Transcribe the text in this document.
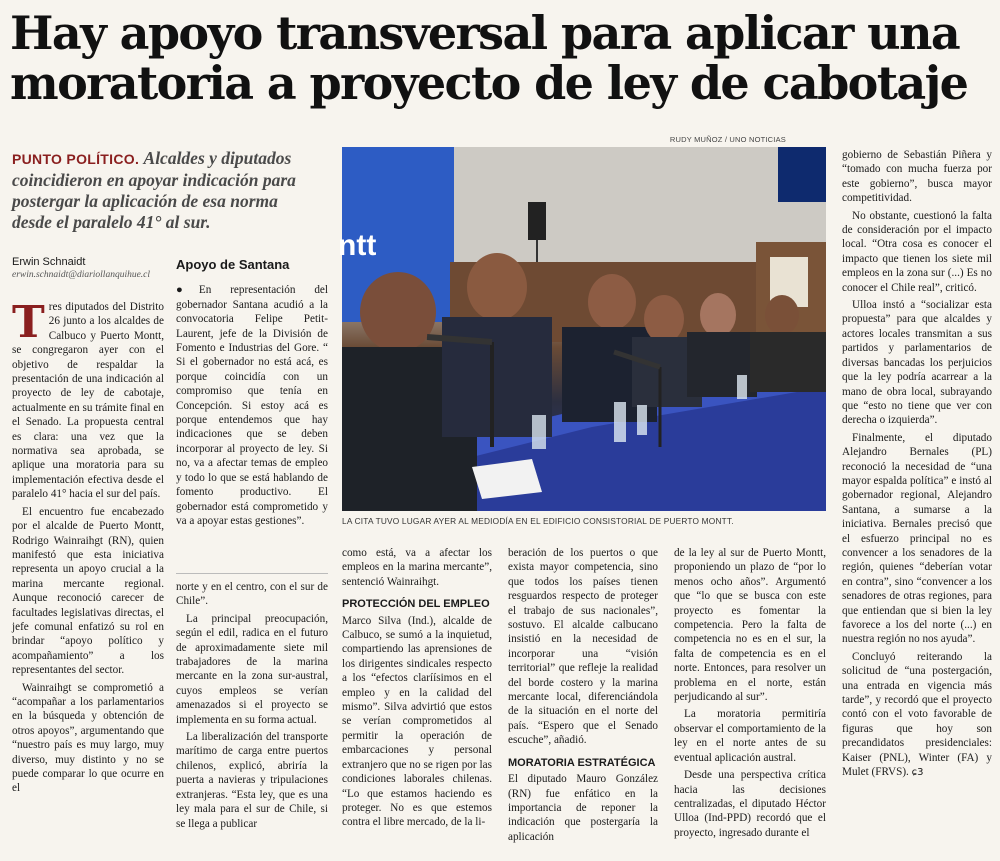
Hay apoyo transversal para aplicar una moratoria a proyecto de ley de cabotaje
PUNTO POLÍTICO. Alcaldes y diputados coincidieron en apoyar indicación para postergar la aplicación de esa norma desde el paralelo 41° al sur.
Erwin Schnaidt
erwin.schnaidt@diariollanquihue.cl

Tres diputados del Distrito 26 junto a los alcaldes de Calbuco y Puerto Montt, se congregaron ayer con el objetivo de respaldar la presentación de una indicación al proyecto de ley de cabotaje, actualmente en su trámite final en el Senado. La propuesta central es clara: una vez que la normativa sea aprobada, se aplique una moratoria para su implementación efectiva desde el paralelo 41° hacia el sur del país.

El encuentro fue encabezado por el alcalde de Puerto Montt, Rodrigo Wainraihgt (RN), quien manifestó que esta iniciativa representa un apoyo crucial a la marina mercante regional. Aunque reconoció carecer de facultades legislativas directas, el jefe comunal enfatizó su rol en brindar “apoyo político y acompañamiento” a los representantes del sector.

Wainraihgt se comprometió a “acompañar a los parlamentarios en la búsqueda y obtención de otros apoyos”, argumentando que “nuestro país es muy largo, muy diverso, muy distinto y no se puede comparar lo que ocurre en el

Apoyo de Santana

●En representación del gobernador Santana acudió a la convocatoria Felipe Petit-Laurent, jefe de la División de Fomento e Industrias del Gore. “ Si el gobernador no está acá, es porque coincidía con un compromiso que tenía en Concepción. Si estoy acá es porque entendemos que hay indicaciones que se deben incorporar al proyecto de ley. Si no, va a afectar temas de empleo y todo lo que se está hablando de fomento productivo. El gobernador está comprometido y va a apoyar estas gestiones”.

norte y en el centro, con el sur de Chile”.

La principal preocupación, según el edil, radica en el futuro de aproximadamente siete mil trabajadores de la marina mercante en la zona sur-austral, cuyos empleos se verían amenazados si el proyecto se implementa en su forma actual.

La liberalización del transporte marítimo de carga entre puertos chilenos, explicó, abriría la puerta a navieras y tripulaciones extranjeras. “Esta ley, que es una ley mala para el sur de Chile, si se llega a publicar

RUDY MUÑOZ / UNO NOTICIAS
ntt
LA CITA TUVO LUGAR AYER AL MEDIODÍA EN EL EDIFICIO CONSISTORIAL DE PUERTO MONTT.

como está, va a afectar los empleos en la marina mercante”, sentenció Wainraihgt.

PROTECCIÓN DEL EMPLEO

Marco Silva (Ind.), alcalde de Calbuco, se sumó a la inquietud, compartiendo las aprensiones de los dirigentes sindicales respecto a los “efectos claríísimos en el empleo y en la calidad del mismo”. Silva advirtió que estos se verían comprometidos al permitir la operación de embarcaciones y personal extranjero que no se rigen por las condiciones laborales chilenas. “Lo que estamos haciendo es proteger. No es que estemos contra el libre mercado, de la li-

beración de los puertos o que exista mayor competencia, sino que todos los países tienen resguardos respecto de proteger el trabajo de sus nacionales”, sostuvo. El alcalde calbucano insistió en la necesidad de incorporar una “visión territorial” que refleje la realidad del borde costero y la marina mercante local, diferenciándola de la situación en el norte del país. “Espero que el Senado escuche”, añadió.

MORATORIA ESTRATÉGICA

El diputado Mauro González (RN) fue enfático en la importancia de reponer la indicación que postergaría la aplicación

de la ley al sur de Puerto Montt, proponiendo un plazo de “por lo menos ocho años”. Argumentó que “lo que se busca con este proyecto es fomentar la competencia. Pero la falta de competencia no es en el sur, la falta de competencia es en el norte. Entonces, para resolver un problema en el norte, están perjudicando al sur”.

La moratoria permitiría observar el comportamiento de la ley en el norte antes de su eventual aplicación austral.

Desde una perspectiva crítica hacia las decisiones centralizadas, el diputado Héctor Ulloa (Ind-PPD) recordó que el proyecto, ingresado durante el

gobierno de Sebastián Piñera y “tomado con mucha fuerza por este gobierno”, busca mayor competitividad.

No obstante, cuestionó la falta de consideración por el impacto local. “Otra cosa es conocer el impacto que tienen los siete mil empleos en la zona sur (...) Es no conocer el Chile real”, criticó.

Ulloa instó a “socializar esta propuesta” para que alcaldes y actores locales transmitan a sus partidos y parlamentarios de diversas bancadas los perjuicios que la ley podría acarrear a la mano de obra local, subrayando que “esto no tiene que ver con derecha o izquierda”.

Finalmente, el diputado Alejandro Bernales (PL) reconoció la necesidad de “una mayor espalda política” e instó al gobernador regional, Alejandro Santana, a sumarse a la iniciativa. Bernales precisó que el esfuerzo principal no es convencer a los senadores de la región, quienes “deberían votar en contra”, sino “convencer a los senadores de otras regiones, para que entiendan que si bien la ley favorece a los del norte (...) en nuestra región no nos ayuda”.

Concluyó reiterando la solicitud de “una postergación, una entrada en vigencia más tarde”, y recordó que el proyecto contó con el voto favorable de figuras que hoy son precandidatos presidenciales: Kaiser (PNL), Winter (FA) y Mulet (FRVS). ɕ3
